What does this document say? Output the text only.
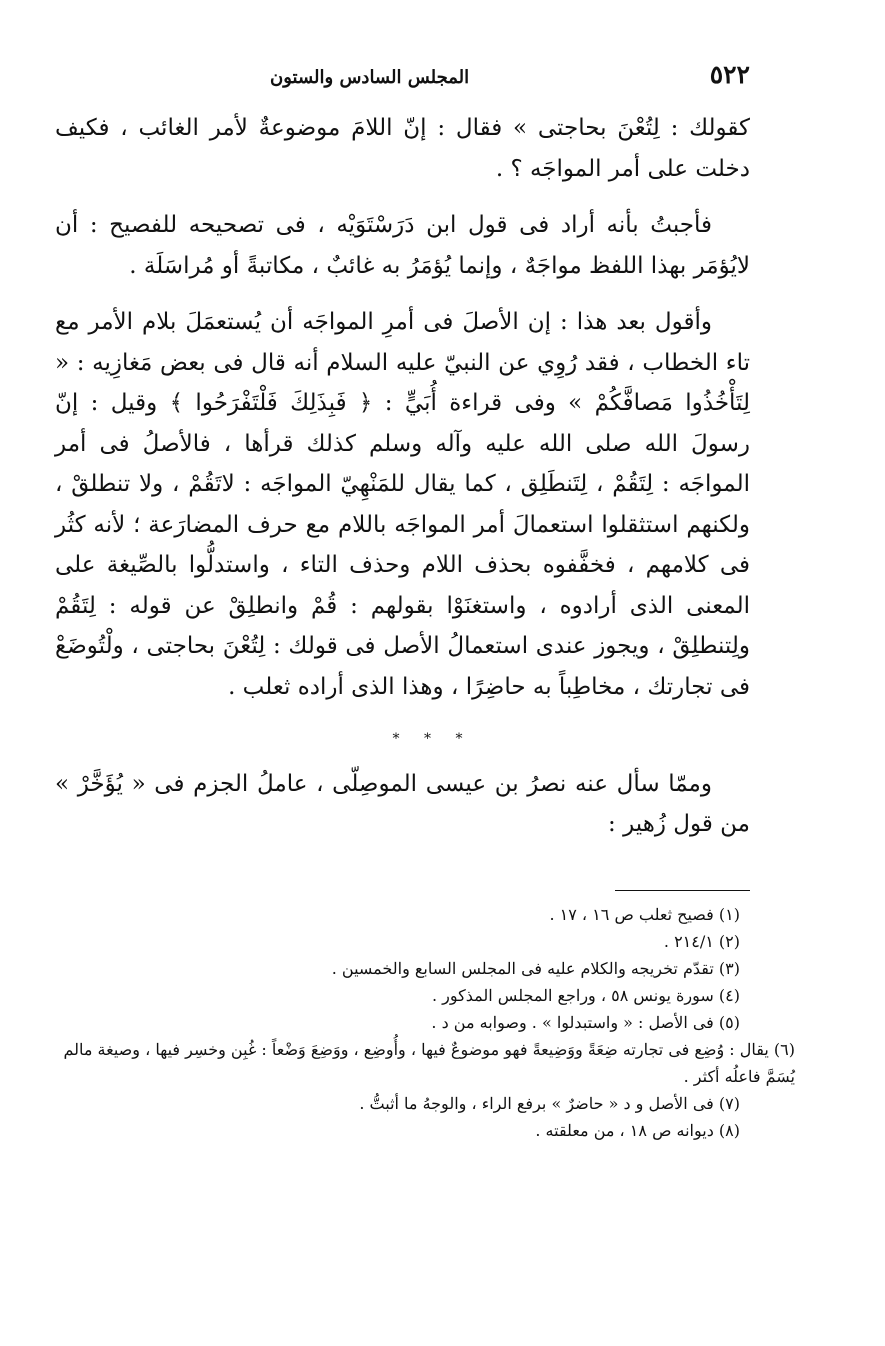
٥٢٢
المجلس السادس والستون

كقولك : لِتُعْنَ بحاجتى » فقال : إنّ اللامَ موضوعةٌ لأمر الغائب ، فكيف دخلت على أمر المواجَه ؟ .

فأجبتُ بأنه أراد فى قول ابن دَرَسْتَوَيْه ، فى تصحيحه للفصيح : أن لايُؤمَر بهذا اللفظ مواجَهٌ ، وإنما يُؤمَرُ به غائبٌ ، مكاتبةً أو مُراسَلَة .

وأقول بعد هذا : إن الأصلَ فى أمرِ المواجَه أن يُستعمَلَ بلام الأمر مع تاء الخطاب ، فقد رُوِي عن النبيّ عليه السلام أنه قال فى بعض مَغازِيه : « لِتَأْخُذُوا مَصافَّكُمْ » وفى قراءة أُبَيٍّ : ﴿ فَبِذَلِكَ فَلْتَفْرَحُوا ﴾ وقيل : إنّ رسولَ الله صلى الله عليه وآله وسلم كذلك قرأها ، فالأصلُ فى أمر المواجَه : لِتَقُمْ ، لِتَنطَلِق ، كما يقال للمَنْهِيّ المواجَه : لاتَقُمْ ، ولا تنطلقْ ، ولكنهم استثقلوا استعمالَ أمر المواجَه باللام مع حرف المضارَعة ؛ لأنه كثُر فى كلامهم ، فخفَّفوه بحذف اللام وحذف التاء ، واستدلُّوا بالصِّيغة على المعنى الذى أرادوه ، واستغنَوْا بقولهم : قُمْ وانطلِقْ عن قوله : لِتَقُمْ ولِتنطلِقْ ، ويجوز عندى استعمالُ الأصل فى قولك : لِتُعْنَ بحاجتى ، ولْتُوضَعْ فى تجارتك ، مخاطِباً به حاضِرًا ، وهذا الذى أراده ثعلب .

* * *

وممّا سأل عنه نصرُ بن عيسى الموصِلّى ، عاملُ الجزم فى « يُؤَخَّرْ » من قول زُهير :

(١) فصيح ثعلب ص ١٦ ، ١٧ .
(٢) ٢١٤/١ .
(٣) تقدّم تخريجه والكلام عليه فى المجلس السابع والخمسين .
(٤) سورة يونس ٥٨ ، وراجع المجلس المذكور .
(٥) فى الأصل : « واستبدلوا » . وصوابه من د .
(٦) يقال : وُضِع فى تجارته ضِعَةً ووَضِيعةً فهو موضوعٌ فيها ، وأُوضِع ، ووَضِعَ وَضْعاً : غُبِن وخسِر فيها ، وصيغة مالم يُسَمَّ فاعلُه أكثر .
(٧) فى الأصل و د « حاضرٌ » برفع الراء ، والوجهُ ما أثبتُّ .
(٨) ديوانه ص ١٨ ، من معلقته .
